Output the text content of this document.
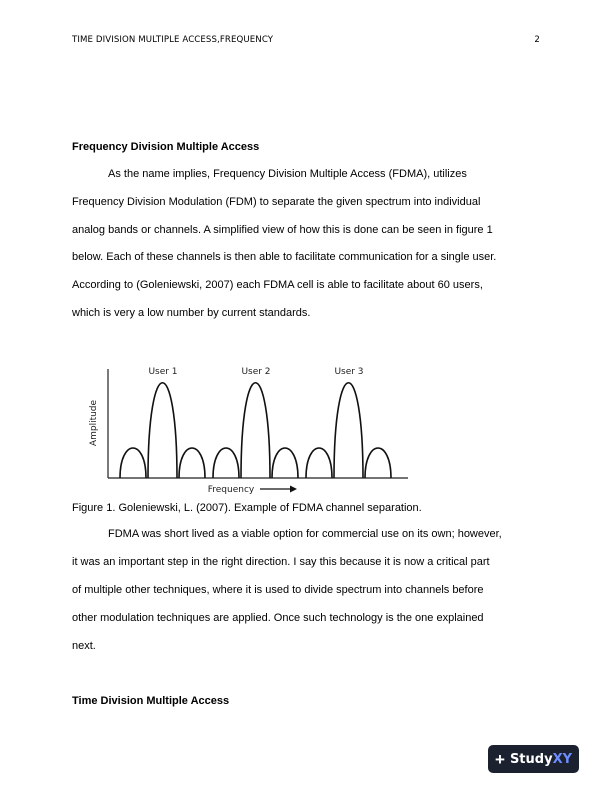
TIME DIVISION MULTIPLE ACCESS,FREQUENCY	2
Frequency Division Multiple Access
As the name implies, Frequency Division Multiple Access (FDMA), utilizes
Frequency Division Modulation (FDM) to separate the given spectrum into individual
analog bands or channels. A simplified view of how this is done can be seen in figure 1
below. Each of these channels is then able to facilitate communication for a single user.
According to (Goleniewski, 2007) each FDMA cell is able to facilitate about 60 users,
which is very a low number by current standards.
Amplitude
User 1	User 2	User 3
Frequency
Figure 1. Goleniewski, L. (2007). Example of FDMA channel separation.
FDMA was short lived as a viable option for commercial use on its own; however,
it was an important step in the right direction. I say this because it is now a critical part
of multiple other techniques, where it is used to divide spectrum into channels before
other modulation techniques are applied. Once such technology is the one explained
next.
Time Division Multiple Access
+ Study XY
